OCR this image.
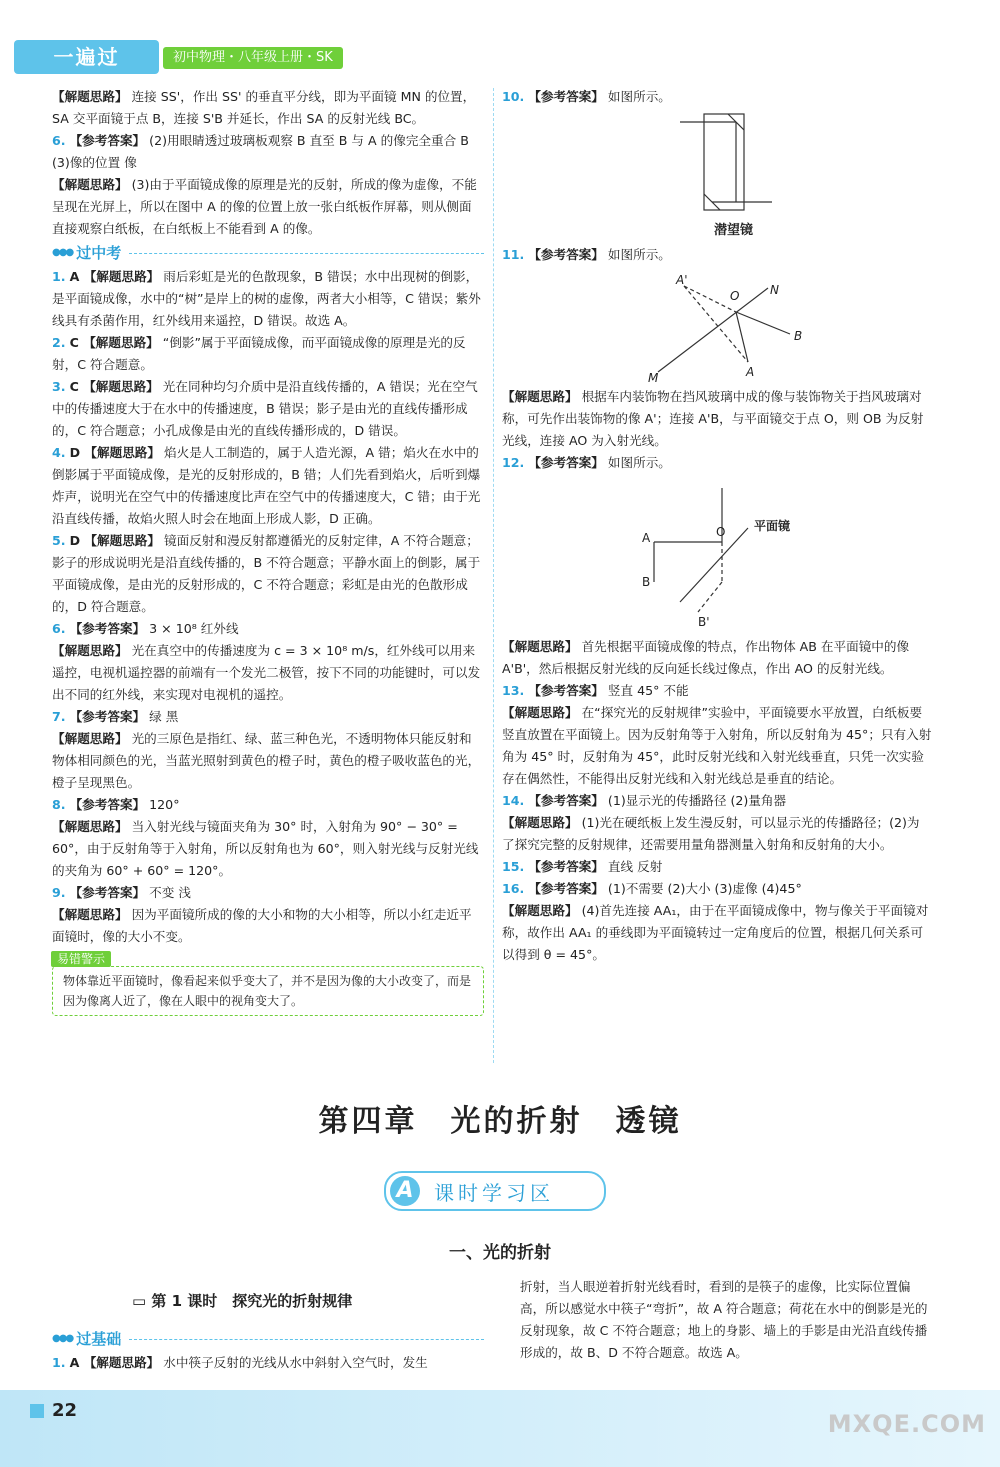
一遍过	初中物理・八年级上册・SK

【解题思路】 连接 SS'，作出 SS' 的垂直平分线，即为平面镜 MN 的位置，SA 交平面镜于点 B，连接 S'B 并延长，作出 SA 的反射光线 BC。

6. 【参考答案】 (2)用眼睛透过玻璃板观察 B 直至 B 与 A 的像完全重合 B (3)像的位置 像

【解题思路】 (3)由于平面镜成像的原理是光的反射，所成的像为虚像，不能呈现在光屏上，所以在图中 A 的像的位置上放一张白纸板作屏幕，则从侧面直接观察白纸板，在白纸板上不能看到 A 的像。

●●● 过中考

1. A 【解题思路】 雨后彩虹是光的色散现象，B 错误；水中出现树的倒影，是平面镜成像，水中的“树”是岸上的树的虚像，两者大小相等，C 错误；紫外线具有杀菌作用，红外线用来遥控，D 错误。故选 A。

2. C 【解题思路】 “倒影”属于平面镜成像，而平面镜成像的原理是光的反射，C 符合题意。

3. C 【解题思路】 光在同种均匀介质中是沿直线传播的，A 错误；光在空气中的传播速度大于在水中的传播速度，B 错误；影子是由光的直线传播形成的，C 符合题意；小孔成像是由光的直线传播形成的，D 错误。

4. D 【解题思路】 焰火是人工制造的，属于人造光源，A 错；焰火在水中的倒影属于平面镜成像，是光的反射形成的，B 错；人们先看到焰火，后听到爆炸声，说明光在空气中的传播速度比声在空气中的传播速度大，C 错；由于光沿直线传播，故焰火照人时会在地面上形成人影，D 正确。

5. D 【解题思路】 镜面反射和漫反射都遵循光的反射定律，A 不符合题意；影子的形成说明光是沿直线传播的，B 不符合题意；平静水面上的倒影，属于平面镜成像，是由光的反射形成的，C 不符合题意；彩虹是由光的色散形成的，D 符合题意。

6. 【参考答案】 3 × 10⁸ 红外线

【解题思路】 光在真空中的传播速度为 c = 3 × 10⁸ m/s，红外线可以用来遥控，电视机遥控器的前端有一个发光二极管，按下不同的功能键时，可以发出不同的红外线，来实现对电视机的遥控。

7. 【参考答案】 绿 黑

【解题思路】 光的三原色是指红、绿、蓝三种色光，不透明物体只能反射和物体相同颜色的光，当蓝光照射到黄色的橙子时，黄色的橙子吸收蓝色的光，橙子呈现黑色。

8. 【参考答案】 120°

【解题思路】 当入射光线与镜面夹角为 30° 时，入射角为 90° − 30° = 60°，由于反射角等于入射角，所以反射角也为 60°，则入射光线与反射光线的夹角为 60° + 60° = 120°。

9. 【参考答案】 不变 浅

【解题思路】 因为平面镜所成的像的大小和物的大小相等，所以小红走近平面镜时，像的大小不变。

易错警示
物体靠近平面镜时，像看起来似乎变大了，并不是因为像的大小改变了，而是因为像离人近了，像在人眼中的视角变大了。

10. 【参考答案】 如图所示。

潜望镜

11. 【参考答案】 如图所示。

A'
O	N
B
A
M

【解题思路】 根据车内装饰物在挡风玻璃中成的像与装饰物关于挡风玻璃对称，可先作出装饰物的像 A'；连接 A'B，与平面镜交于点 O，则 OB 为反射光线，连接 AO 为入射光线。

12. 【参考答案】 如图所示。

A	O
B
B'
平面镜

【解题思路】 首先根据平面镜成像的特点，作出物体 AB 在平面镜中的像 A'B'，然后根据反射光线的反向延长线过像点，作出 AO 的反射光线。

13. 【参考答案】 竖直 45° 不能

【解题思路】 在“探究光的反射规律”实验中，平面镜要水平放置，白纸板要竖直放置在平面镜上。因为反射角等于入射角，所以反射角为 45°；只有入射角为 45° 时，反射角为 45°，此时反射光线和入射光线垂直，只凭一次实验存在偶然性，不能得出反射光线和入射光线总是垂直的结论。

14. 【参考答案】 (1)显示光的传播路径 (2)量角器

【解题思路】 (1)光在硬纸板上发生漫反射，可以显示光的传播路径；(2)为了探究完整的反射规律，还需要用量角器测量入射角和反射角的大小。

15. 【参考答案】 直线 反射

16. 【参考答案】 (1)不需要 (2)大小 (3)虚像 (4)45°

【解题思路】 (4)首先连接 AA₁，由于在平面镜成像中，物与像关于平面镜对称，故作出 AA₁ 的垂线即为平面镜转过一定角度后的位置，根据几何关系可以得到 θ = 45°。

第四章　光的折射　透镜
A	课时学习区
一、光的折射
▭ 第 1 课时　探究光的折射规律
●●● 过基础

1. A 【解题思路】 水中筷子反射的光线从水中斜射入空气时，发生

折射，当人眼逆着折射光线看时，看到的是筷子的虚像，比实际位置偏高，所以感觉水中筷子“弯折”，故 A 符合题意；荷花在水中的倒影是光的反射现象，故 C 不符合题意；地上的身影、墙上的手影是由光沿直线传播形成的，故 B、D 不符合题意。故选 A。

22	MXQE.COM
